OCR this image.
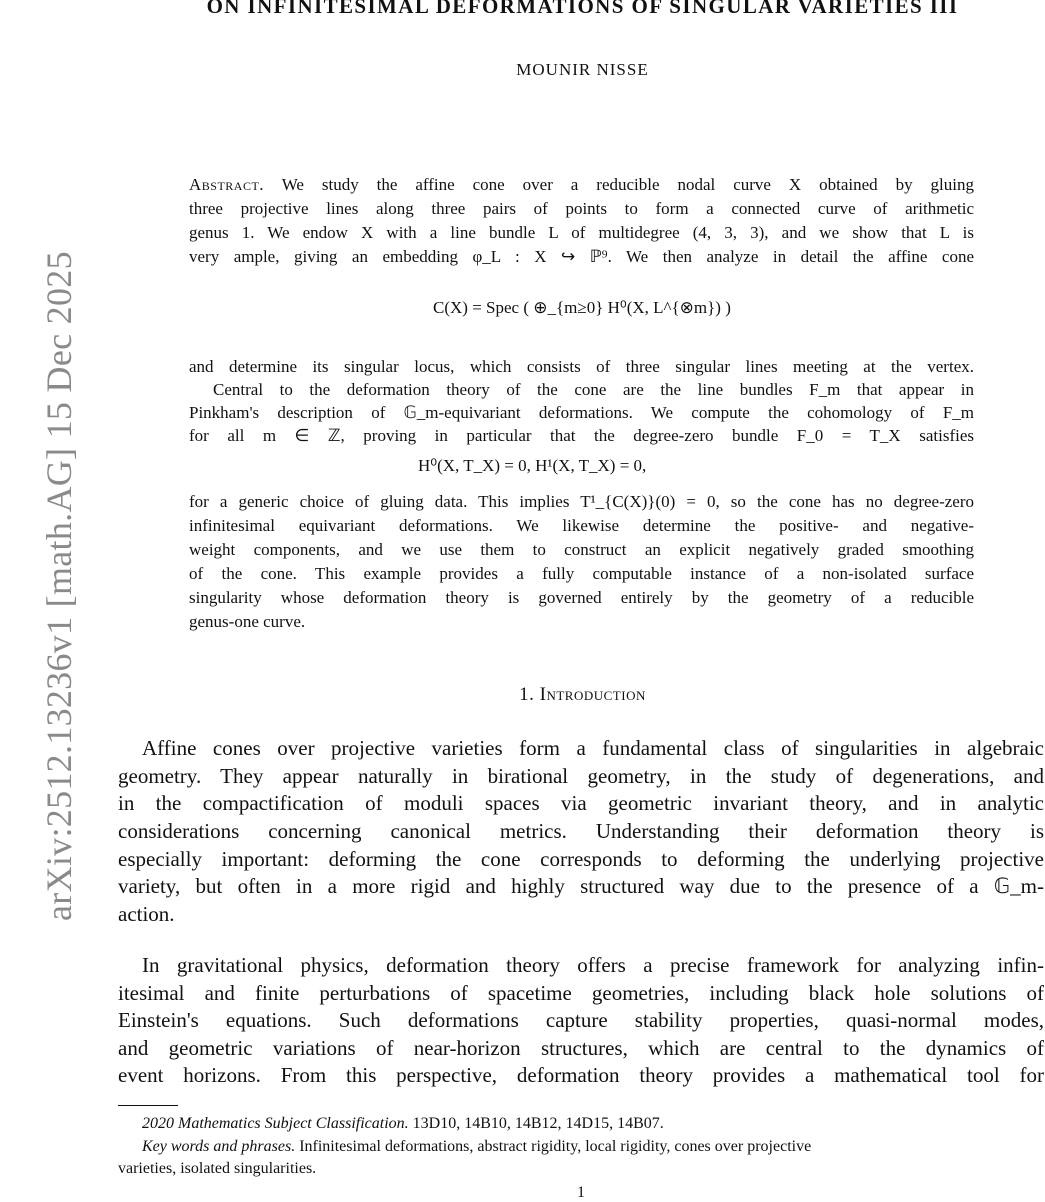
arXiv:2512.13236v1 [math.AG] 15 Dec 2025
ON INFINITESIMAL DEFORMATIONS OF SINGULAR VARIETIES III
MOUNIR NISSE
Abstract. We study the affine cone over a reducible nodal curve X obtained by gluing
three projective lines along three pairs of points to form a connected curve of arithmetic
genus 1. We endow X with a line bundle L of multidegree (4, 3, 3), and we show that L is
very ample, giving an embedding φ_L : X ↪ ℙ⁹. We then analyze in detail the affine cone
C(X) = Spec ( ⊕_{m≥0} H⁰(X, L^{⊗m}) )
and determine its singular locus, which consists of three singular lines meeting at the vertex.
Central to the deformation theory of the cone are the line bundles F_m that appear in
Pinkham's description of 𝔾_m-equivariant deformations. We compute the cohomology of F_m
for all m ∈ ℤ, proving in particular that the degree-zero bundle F_0 = T_X satisfies
H⁰(X, T_X) = 0, H¹(X, T_X) = 0,
for a generic choice of gluing data. This implies T¹_{C(X)}(0) = 0, so the cone has no degree-zero
infinitesimal equivariant deformations. We likewise determine the positive- and negative-
weight components, and we use them to construct an explicit negatively graded smoothing
of the cone. This example provides a fully computable instance of a non-isolated surface
singularity whose deformation theory is governed entirely by the geometry of a reducible
genus-one curve.
1. Introduction
Affine cones over projective varieties form a fundamental class of singularities in algebraic
geometry. They appear naturally in birational geometry, in the study of degenerations, and
in the compactification of moduli spaces via geometric invariant theory, and in analytic
considerations concerning canonical metrics. Understanding their deformation theory is
especially important: deforming the cone corresponds to deforming the underlying projective
variety, but often in a more rigid and highly structured way due to the presence of a 𝔾_m-
action.
In gravitational physics, deformation theory offers a precise framework for analyzing infin-
itesimal and finite perturbations of spacetime geometries, including black hole solutions of
Einstein's equations. Such deformations capture stability properties, quasi-normal modes,
and geometric variations of near-horizon structures, which are central to the dynamics of
event horizons. From this perspective, deformation theory provides a mathematical tool for
2020 Mathematics Subject Classification. 13D10, 14B10, 14B12, 14D15, 14B07.
Key words and phrases. Infinitesimal deformations, abstract rigidity, local rigidity, cones over projective
varieties, isolated singularities.
1
